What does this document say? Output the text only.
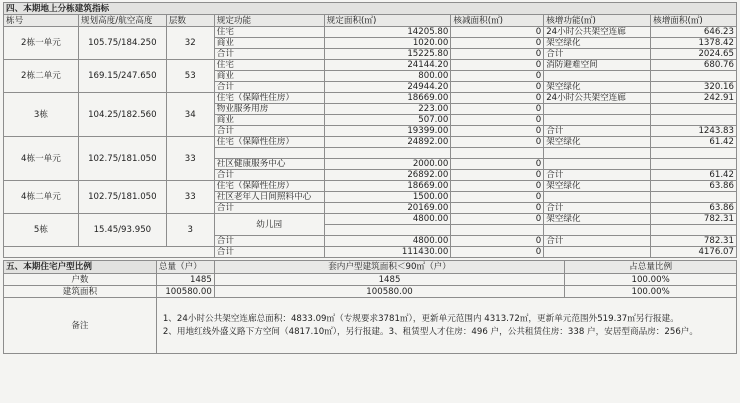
四、本期地上分栋建筑指标							
栋号	规划高度/航空高度	层数	规定功能	规定面积(㎡)	核减面积(㎡)	核增功能(㎡)	核增面积(㎡)
2栋一单元	105.75/184.250	32	住宅	14205.80	0	24小时公共架空连廊	646.23
			商业	1020.00	0	架空绿化	1378.42
			合计	15225.80	0	合计	2024.65
2栋二单元	169.15/247.650	53	住宅	24144.20	0	消防避难空间	680.76
			商业	800.00	0		
			合计	24944.20	0	架空绿化	320.16
3栋	104.25/182.560	34	住宅（保障性住房）	18669.00	0	24小时公共架空连廊	242.91
			物业服务用房	223.00	0		
			商业	507.00	0		
			合计	19399.00	0	合计	1243.83
4栋一单元	102.75/181.050	33	住宅（保障性住房）	24892.00	0	架空绿化	61.42

			社区健康服务中心	2000.00	0		
			合计	26892.00	0	合计	61.42
4栋二单元	102.75/181.050	33	住宅（保障性住房）	18669.00	0	架空绿化	63.86
			社区老年人日间照料中心	1500.00	0		
			合计	20169.00	0	合计	63.86
5栋	15.45/93.950	3	幼儿园	4800.00	0	架空绿化	782.31

			合计	4800.00	0	合计	782.31
			合计	111430.00	0		4176.07
五、本期住宅户型比例	总量（户）	套内户型建筑面积＜90㎡（户）	占总量比例
户数	1485	1485	100.00%
建筑面积	100580.00	100580.00	100.00%
备注	1、24小时公共架空连廊总面积：4833.09㎡（专规要求3781㎡），更新单元范围内 4313.72㎡，更新单元范围外519.37㎡另行报建。
2、用地红线外盛义路下方空间（4817.10㎡），另行报建。3、租赁型人才住房：496 户，公共租赁住房：338 户，安居型商品房：256户。		
